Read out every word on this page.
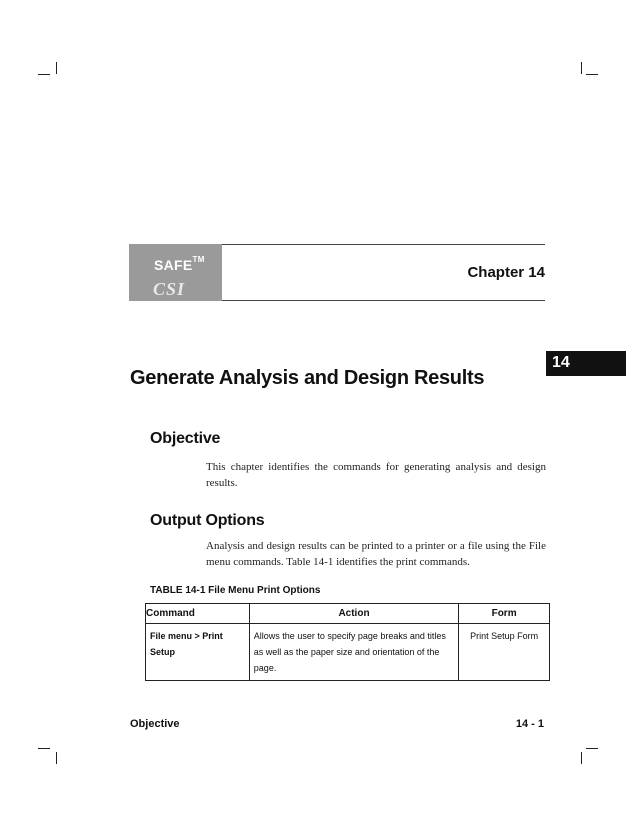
SAFE™
CSI
Chapter 14
14
Generate Analysis and Design Results
Objective
This chapter identifies the commands for generating analysis and design results.
Output Options
Analysis and design results can be printed to a printer or a file using the File menu commands. Table 14-1 identifies the print commands.
TABLE 14-1 File Menu Print Options
Command	Action	Form
File menu > Print Setup	Allows the user to specify page breaks and titles as well as the paper size and orientation of the page.	Print Setup Form
Objective	14 - 1
